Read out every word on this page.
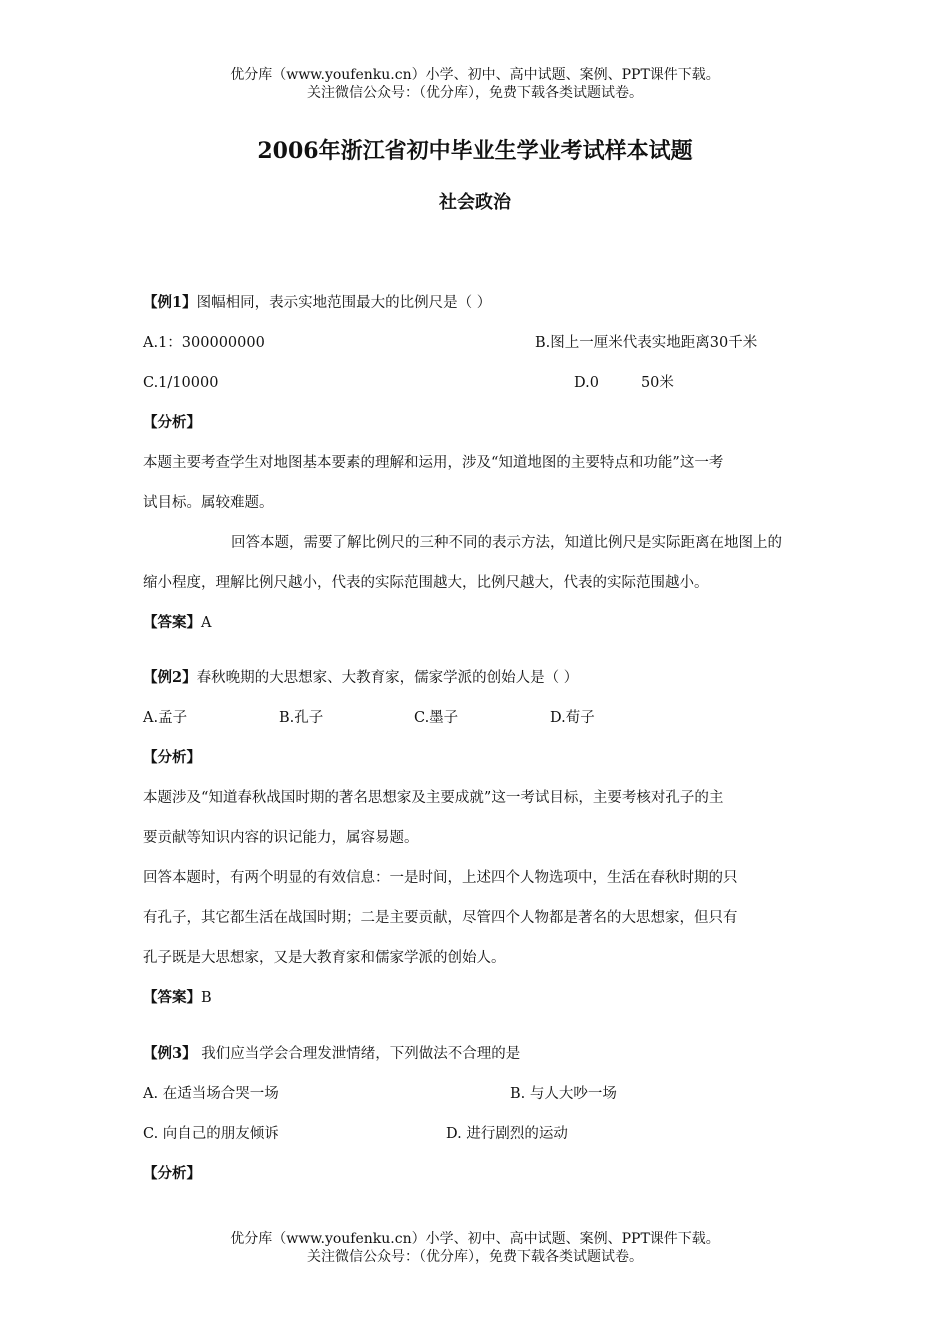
优分库（www.youfenku.cn）小学、初中、高中试题、案例、PPT课件下载。
关注微信公众号：（优分库），免费下载各类试题试卷。
2006年浙江省初中毕业生学业考试样本试题
社会政治
【例1】图幅相同，表示实地范围最大的比例尺是（ ）
A.1：300000000	B.图上一厘米代表实地距离30千米
C.1/10000	D.0	50米
【分析】
本题主要考查学生对地图基本要素的理解和运用，涉及“知道地图的主要特点和功能”这一考
试目标。属较难题。
回答本题，需要了解比例尺的三种不同的表示方法，知道比例尺是实际距离在地图上的
缩小程度，理解比例尺越小，代表的实际范围越大，比例尺越大，代表的实际范围越小。
【答案】A
【例2】春秋晚期的大思想家、大教育家，儒家学派的创始人是（ ）
A.孟子	B.孔子	C.墨子	D.荀子
【分析】
本题涉及“知道春秋战国时期的著名思想家及主要成就”这一考试目标，主要考核对孔子的主
要贡献等知识内容的识记能力，属容易题。
回答本题时，有两个明显的有效信息：一是时间，上述四个人物选项中，生活在春秋时期的只
有孔子，其它都生活在战国时期；二是主要贡献，尽管四个人物都是著名的大思想家，但只有
孔子既是大思想家，又是大教育家和儒家学派的创始人。
【答案】B
【例3】 我们应当学会合理发泄情绪，下列做法不合理的是
A. 在适当场合哭一场	B. 与人大吵一场
C. 向自己的朋友倾诉	D. 进行剧烈的运动
【分析】
优分库（www.youfenku.cn）小学、初中、高中试题、案例、PPT课件下载。
关注微信公众号：（优分库），免费下载各类试题试卷。
